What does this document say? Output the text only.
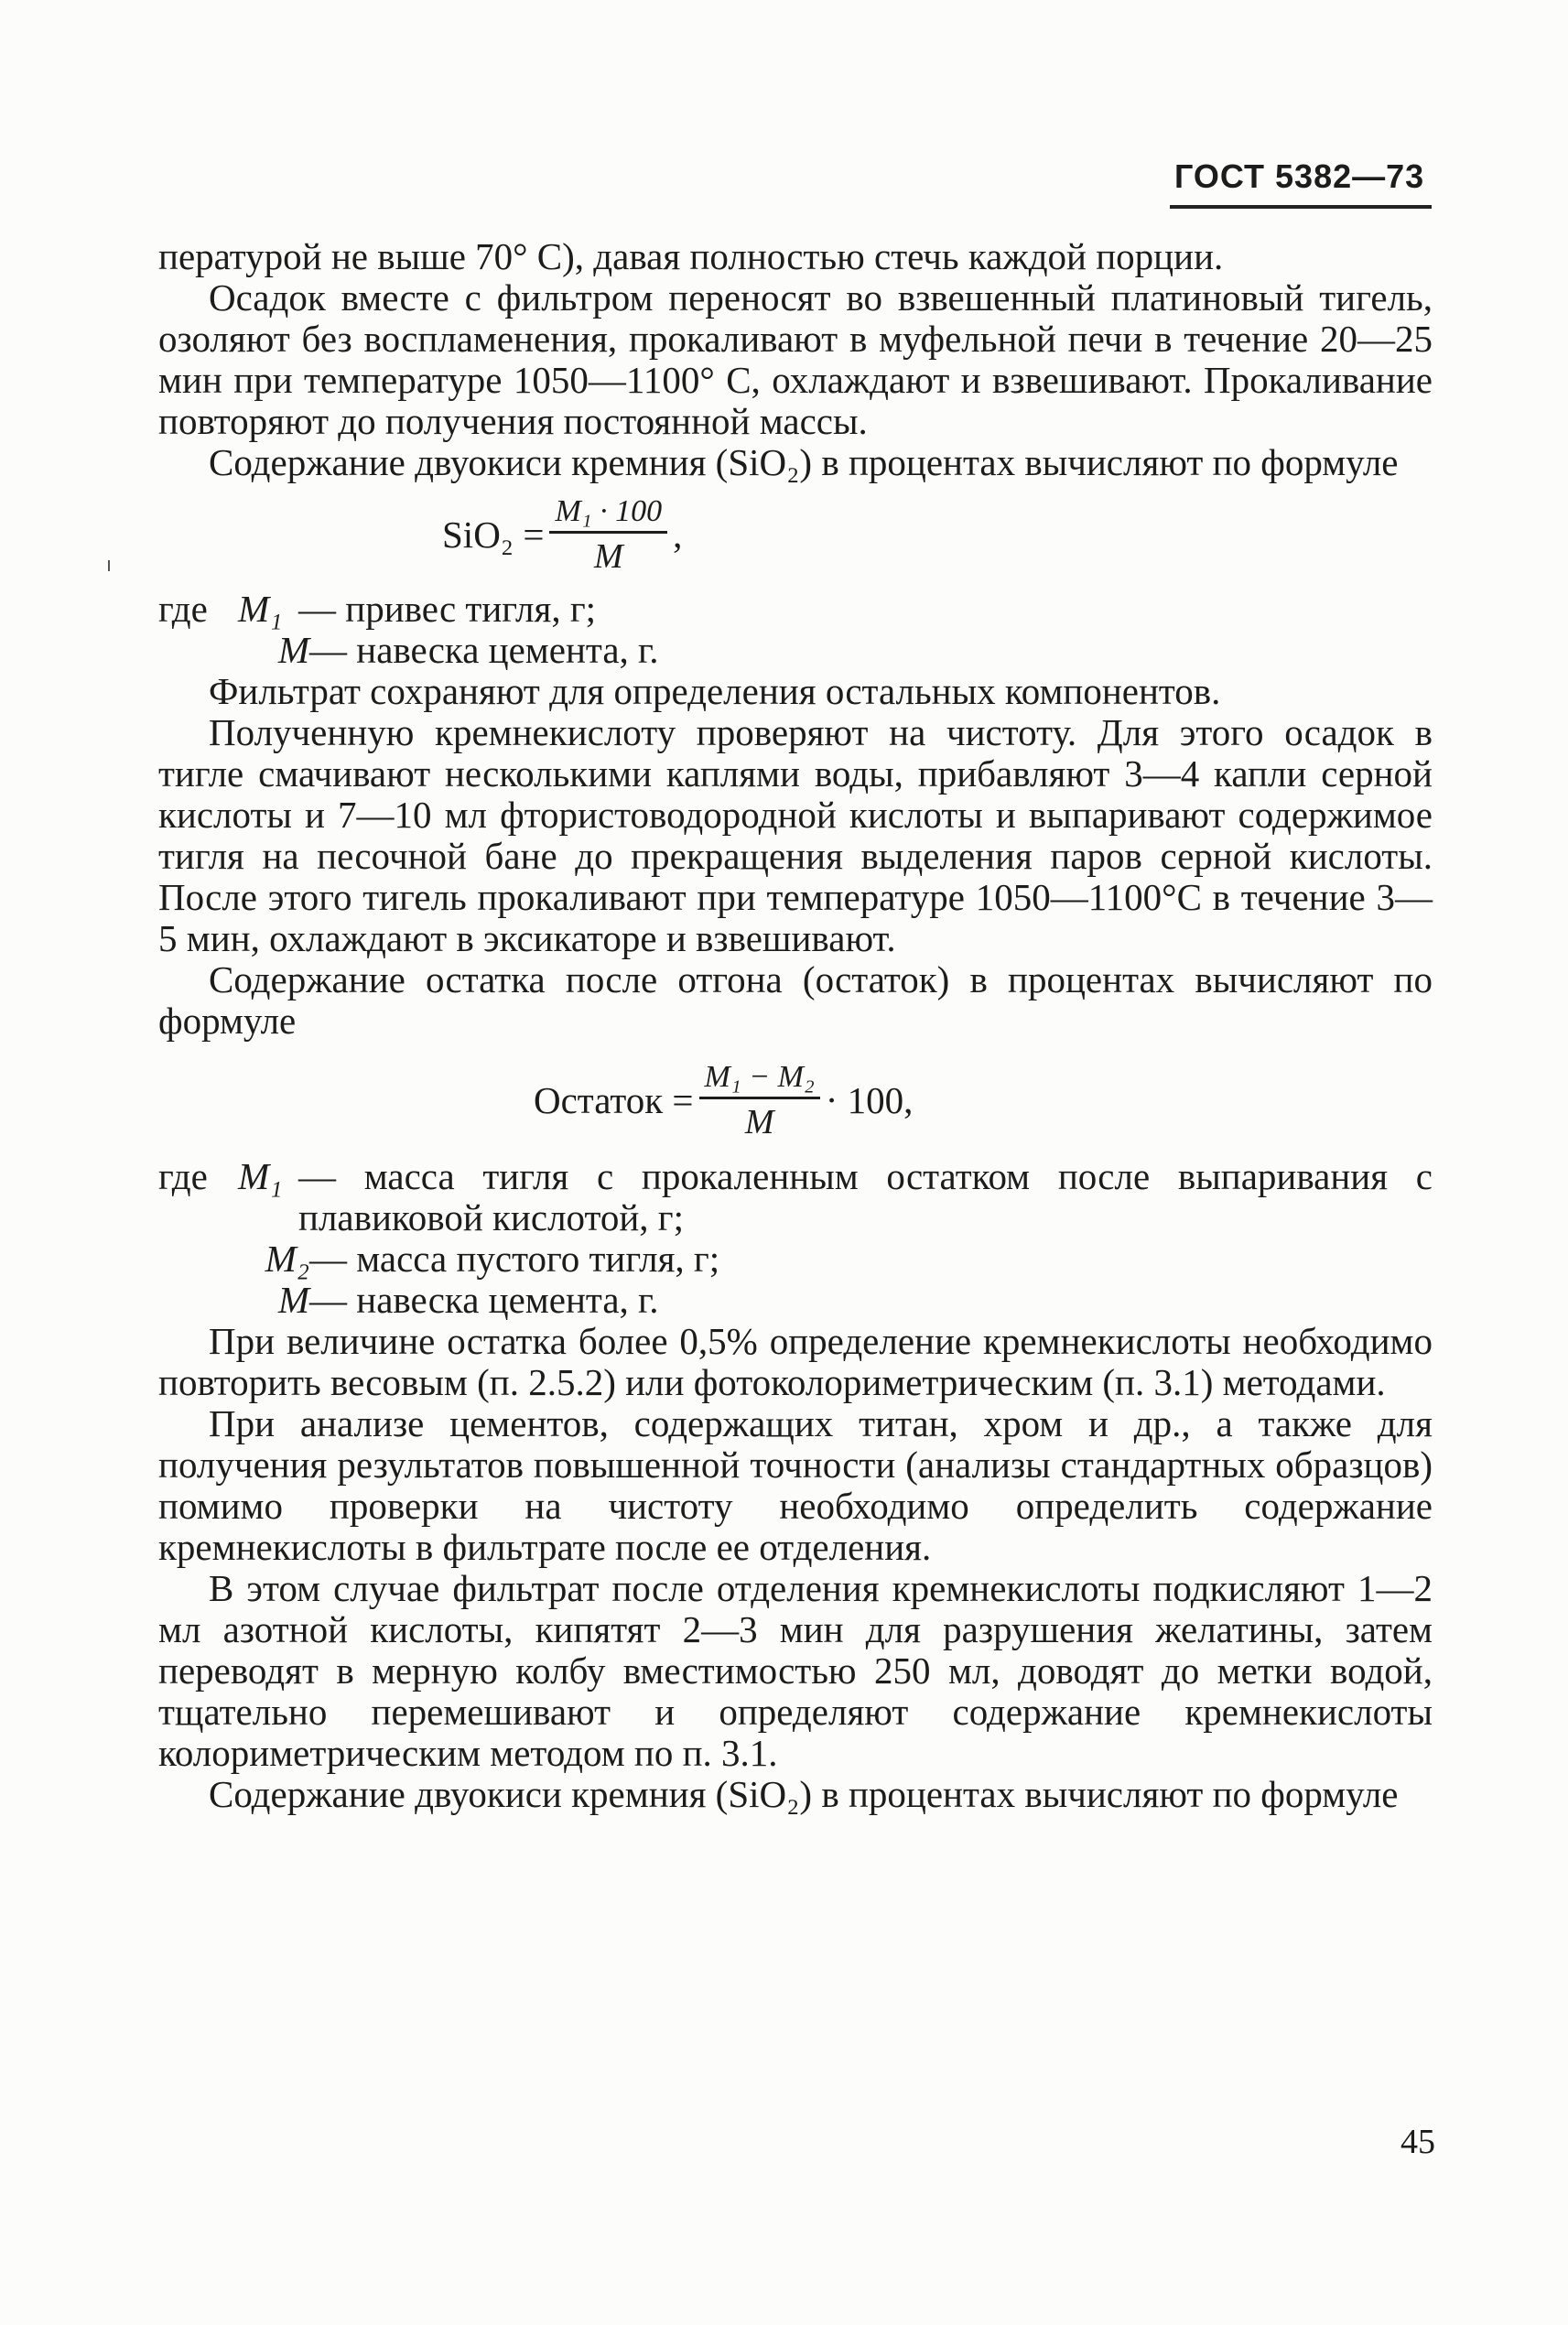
ГОСТ 5382—73

пературой не выше 70° С), давая полностью стечь каждой порции.

Осадок вместе с фильтром переносят во взвешенный платиновый тигель, озоляют без воспламенения, прокаливают в муфельной печи в течение 20—25 мин при температуре 1050—1100° С, охлаждают и взвешивают. Прокаливание повторяют до получения постоянной массы.

Содержание двуокиси кремния (SiO₂) в процентах вычисляют по формуле

$SiO_2 = \frac{\text{M₁ · 100}}{M}$ ,
где M₁ — привес тигля, г;
M — навеска цемента, г.

Фильтрат сохраняют для определения остальных компонентов.

Полученную кремнекислоту проверяют на чистоту. Для этого осадок в тигле смачивают несколькими каплями воды, прибавляют 3—4 капли серной кислоты и 7—10 мл фтористоводородной кислоты и выпаривают содержимое тигля на песочной бане до прекращения выделения паров серной кислоты. После этого тигель прокаливают при температуре 1050—1100°С в течение 3—5 мин, охлаждают в эксикаторе и взвешивают.

Содержание остатка после отгона (остаток) в процентах вычисляют по формуле

Остаток = $\frac{\text{M₁ − M₂}}{M} \cdot 100$,
где M₁ — масса тигля с прокаленным остатком после выпаривания с плавиковой кислотой, г;
M₂ — масса пустого тигля, г;
M — навеска цемента, г.

При величине остатка более 0,5% определение кремнекислоты необходимо повторить весовым (п. 2.5.2) или фотоколориметрическим (п. 3.1) методами.

При анализе цементов, содержащих титан, хром и др., а также для получения результатов повышенной точности (анализы стандартных образцов) помимо проверки на чистоту необходимо определить содержание кремнекислоты в фильтрате после ее отделения.

В этом случае фильтрат после отделения кремнекислоты подкисляют 1—2 мл азотной кислоты, кипятят 2—3 мин для разрушения желатины, затем переводят в мерную колбу вместимостью 250 мл, доводят до метки водой, тщательно перемешивают и определяют содержание кремнекислоты колориметрическим методом по п. 3.1.

Содержание двуокиси кремния (SiO₂) в процентах вычисляют по формуле

45
